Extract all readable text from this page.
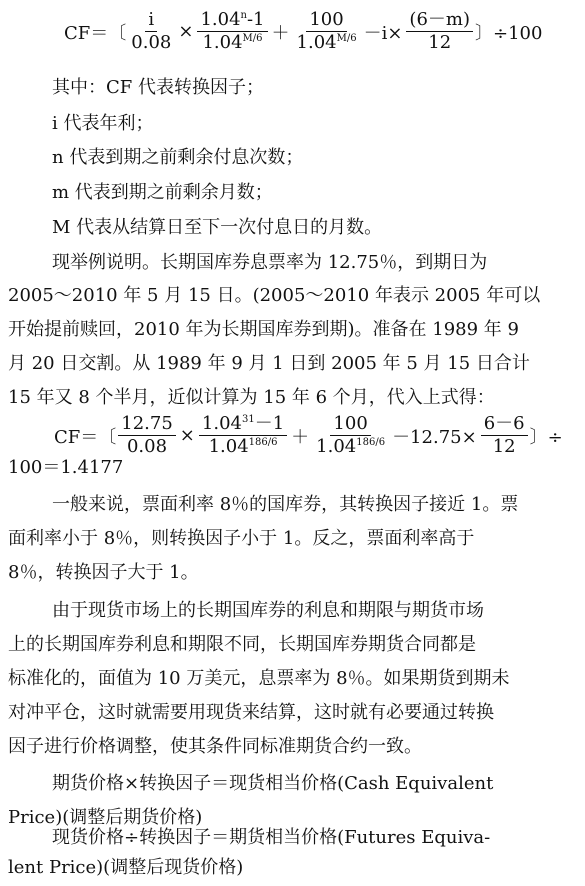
CF＝〔 $\frac{i}{0.08} \times \frac{1.04^n-1}{1.04^{M/6}} + \frac{100}{1.04^{M/6}} -i\times \frac{(6-m)}{12}$ 〕÷100
其中：CF 代表转换因子；
i 代表年利；
n 代表到期之前剩余付息次数；
m 代表到期之前剩余月数；
M 代表从结算日至下一次付息日的月数。
现举例说明。长期国库券息票率为 12.75％，到期日为
2005～2010 年 5 月 15 日。(2005～2010 年表示 2005 年可以
开始提前赎回，2010 年为长期国库券到期)。准备在 1989 年 9
月 20 日交割。从 1989 年 9 月 1 日到 2005 年 5 月 15 日合计
15 年又 8 个半月，近似计算为 15 年 6 个月，代入上式得：
CF＝〔 $\frac{12.75}{0.08} \times \frac{1.04^{31}-1}{1.04^{186/6}} + \frac{100}{1.04^{186/6}} -12.75\times \frac{6-6}{12}$ 〕÷
100＝1.4177
一般来说，票面利率 8％的国库券，其转换因子接近 1。票
面利率小于 8％，则转换因子小于 1。反之，票面利率高于
8％，转换因子大于 1。
由于现货市场上的长期国库券的利息和期限与期货市场
上的长期国库券利息和期限不同，长期国库券期货合同都是
标准化的，面值为 10 万美元，息票率为 8％。如果期货到期未
对冲平仓，这时就需要用现货来结算，这时就有必要通过转换
因子进行价格调整，使其条件同标准期货合约一致。
期货价格×转换因子＝现货相当价格(Cash Equivalent
Price)(调整后期货价格)
现货价格÷转换因子＝期货相当价格(Futures Equiva-
lent Price)(调整后现货价格)
